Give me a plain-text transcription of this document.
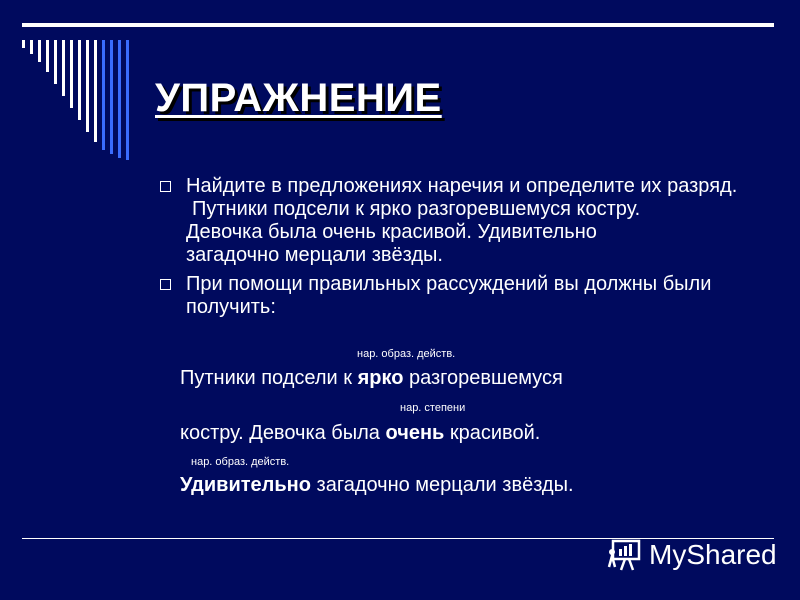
УПРАЖНЕНИЕ
Найдите в предложениях наречия и определите их разряд.
Путники подсели к ярко разгоревшемуся костру.
Девочка была очень красивой. Удивительно
загадочно мерцали звёзды.
При помощи правильных рассуждений вы должны были получить:
нар. образ. действ.
Путники подсели к ярко разгоревшемуся
нар. степени
костру. Девочка была очень красивой.
нар. образ. действ.
Удивительно загадочно мерцали звёзды.
MyShared
